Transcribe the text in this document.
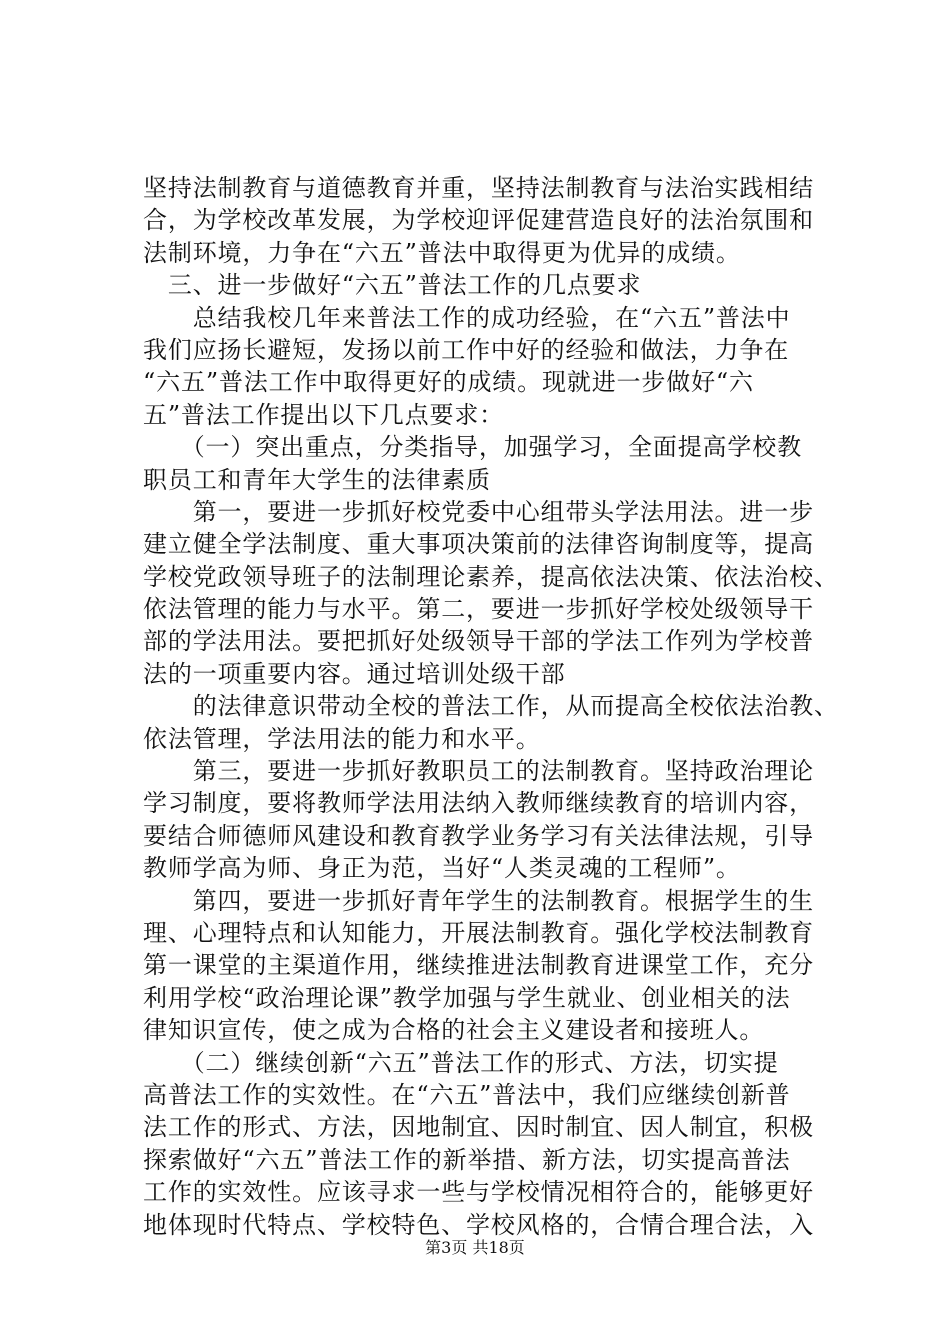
坚持法制教育与道德教育并重，坚持法制教育与法治实践相结
合，为学校改革发展，为学校迎评促建营造良好的法治氛围和
法制环境，力争在“六五”普法中取得更为优异的成绩。
　三、进一步做好“六五”普法工作的几点要求
　　总结我校几年来普法工作的成功经验，在“六五”普法中
我们应扬长避短，发扬以前工作中好的经验和做法，力争在
“六五”普法工作中取得更好的成绩。现就进一步做好“六
五”普法工作提出以下几点要求：
　　（一）突出重点，分类指导，加强学习，全面提高学校教
职员工和青年大学生的法律素质
　　第一，要进一步抓好校党委中心组带头学法用法。进一步
建立健全学法制度、重大事项决策前的法律咨询制度等，提高
学校党政领导班子的法制理论素养，提高依法决策、依法治校、
依法管理的能力与水平。第二，要进一步抓好学校处级领导干
部的学法用法。要把抓好处级领导干部的学法工作列为学校普
法的一项重要内容。通过培训处级干部
　　的法律意识带动全校的普法工作，从而提高全校依法治教、
依法管理，学法用法的能力和水平。
　　第三，要进一步抓好教职员工的法制教育。坚持政治理论
学习制度，要将教师学法用法纳入教师继续教育的培训内容，
要结合师德师风建设和教育教学业务学习有关法律法规，引导
教师学高为师、身正为范，当好“人类灵魂的工程师”。
　　第四，要进一步抓好青年学生的法制教育。根据学生的生
理、心理特点和认知能力，开展法制教育。强化学校法制教育
第一课堂的主渠道作用，继续推进法制教育进课堂工作，充分
利用学校“政治理论课”教学加强与学生就业、创业相关的法
律知识宣传，使之成为合格的社会主义建设者和接班人。
　　（二）继续创新“六五”普法工作的形式、方法，切实提
高普法工作的实效性。在“六五”普法中，我们应继续创新普
法工作的形式、方法，因地制宜、因时制宜、因人制宜，积极
探索做好“六五”普法工作的新举措、新方法，切实提高普法
工作的实效性。应该寻求一些与学校情况相符合的，能够更好
地体现时代特点、学校特色、学校风格的，合情合理合法，入
第3页 共18页
